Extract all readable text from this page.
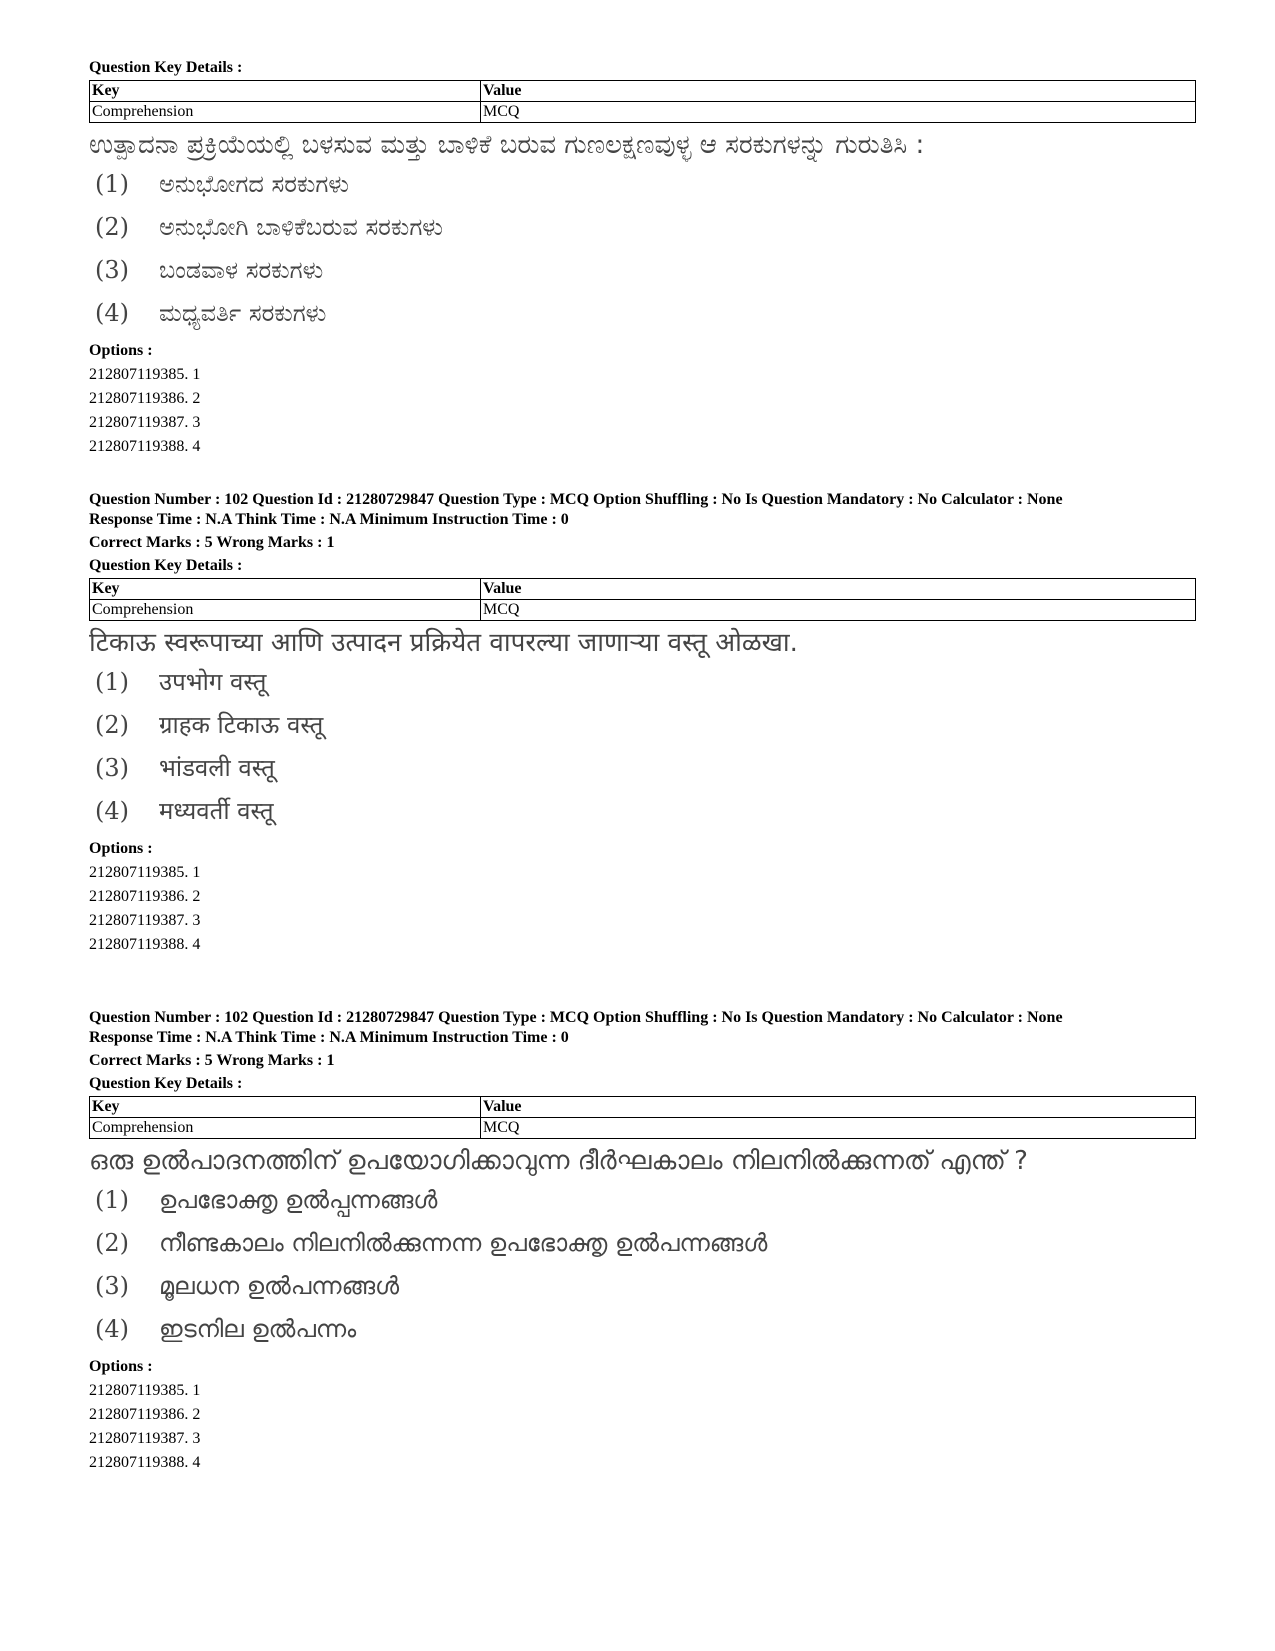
Question Key Details :
Key	Value
Comprehension	MCQ
ಉತ್ಪಾದನಾ ಪ್ರಕ್ರಿಯೆಯಲ್ಲಿ ಬಳಸುವ ಮತ್ತು ಬಾಳಿಕೆ ಬರುವ ಗುಣಲಕ್ಷಣವುಳ್ಳ ಆ ಸರಕುಗಳನ್ನು ಗುರುತಿಸಿ :
(1) ಅನುಭೋಗದ ಸರಕುಗಳು
(2) ಅನುಭೋಗಿ ಬಾಳಿಕೆಬರುವ ಸರಕುಗಳು
(3) ಬಂಡವಾಳ ಸರಕುಗಳು
(4) ಮಧ್ಯವರ್ತಿ ಸರಕುಗಳು
Options :
212807119385. 1
212807119386. 2
212807119387. 3
212807119388. 4
Question Number : 102 Question Id : 21280729847 Question Type : MCQ Option Shuffling : No Is Question Mandatory : No Calculator : None
Response Time : N.A Think Time : N.A Minimum Instruction Time : 0
Correct Marks : 5 Wrong Marks : 1
Question Key Details :
Key	Value
Comprehension	MCQ
टिकाऊ स्वरूपाच्या आणि उत्पादन प्रक्रियेत वापरल्या जाणाऱ्या वस्तू ओळखा.
(1) उपभोग वस्तू
(2) ग्राहक टिकाऊ वस्तू
(3) भांडवली वस्तू
(4) मध्यवर्ती वस्तू
Options :
212807119385. 1
212807119386. 2
212807119387. 3
212807119388. 4
Question Number : 102 Question Id : 21280729847 Question Type : MCQ Option Shuffling : No Is Question Mandatory : No Calculator : None
Response Time : N.A Think Time : N.A Minimum Instruction Time : 0
Correct Marks : 5 Wrong Marks : 1
Question Key Details :
Key	Value
Comprehension	MCQ
ഒരു ഉൽപാദനത്തിന് ഉപയോഗിക്കാവുന്ന ദീർഘകാലം നിലനിൽക്കുന്നത് എന്ത് ?
(1) ഉപഭോക്തൃ ഉൽപ്പന്നങ്ങൾ
(2) നീണ്ടകാലം നിലനിൽക്കുന്നന്ന ഉപഭോക്തൃ ഉൽപന്നങ്ങൾ
(3) മൂലധന ഉൽപന്നങ്ങൾ
(4) ഇടനില ഉൽപന്നം
Options :
212807119385. 1
212807119386. 2
212807119387. 3
212807119388. 4
